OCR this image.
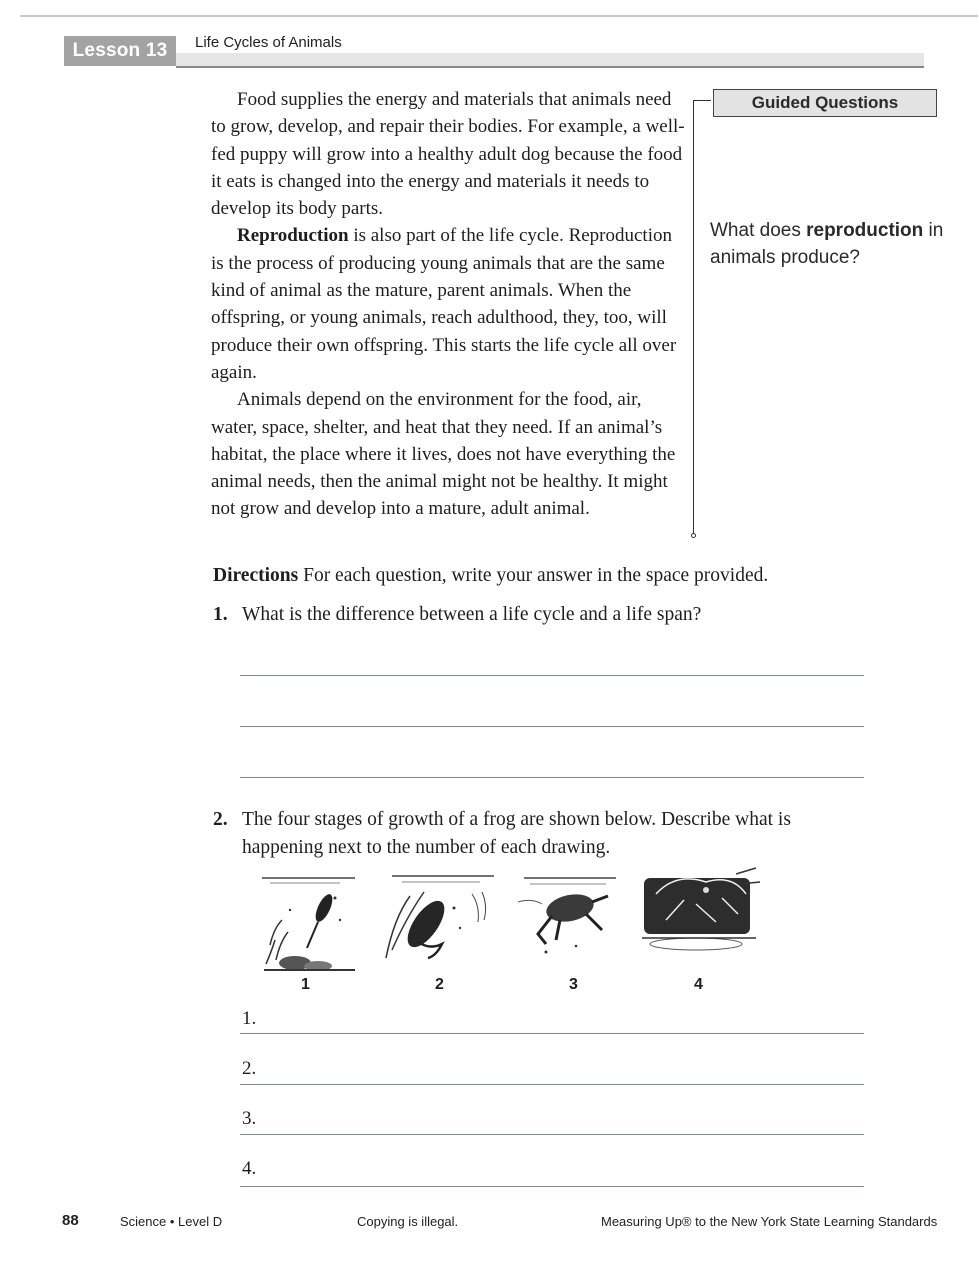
Lesson 13	Life Cycles of Animals

Food supplies the energy and materials that animals need to grow, develop, and repair their bodies. For example, a well-fed puppy will grow into a healthy adult dog because the food it eats is changed into the energy and materials it needs to develop its body parts.

Reproduction is also part of the life cycle. Reproduction is the process of producing young animals that are the same kind of animal as the mature, parent animals. When the offspring, or young animals, reach adulthood, they, too, will produce their own offspring. This starts the life cycle all over again.

Animals depend on the environment for the food, air, water, space, shelter, and heat that they need. If an animal’s habitat, the place where it lives, does not have everything the animal needs, then the animal might not be healthy. It might not grow and develop into a mature, adult animal.

Guided Questions
What does reproduction in animals produce?
Directions For each question, write your answer in the space provided.
1. What is the difference between a life cycle and a life span?
2. The four stages of growth of a frog are shown below. Describe what is happening next to the number of each drawing.
1	2	3	4
1.
2.
3.
4.
88	Science • Level D	Copying is illegal.	Measuring Up® to the New York State Learning Standards
